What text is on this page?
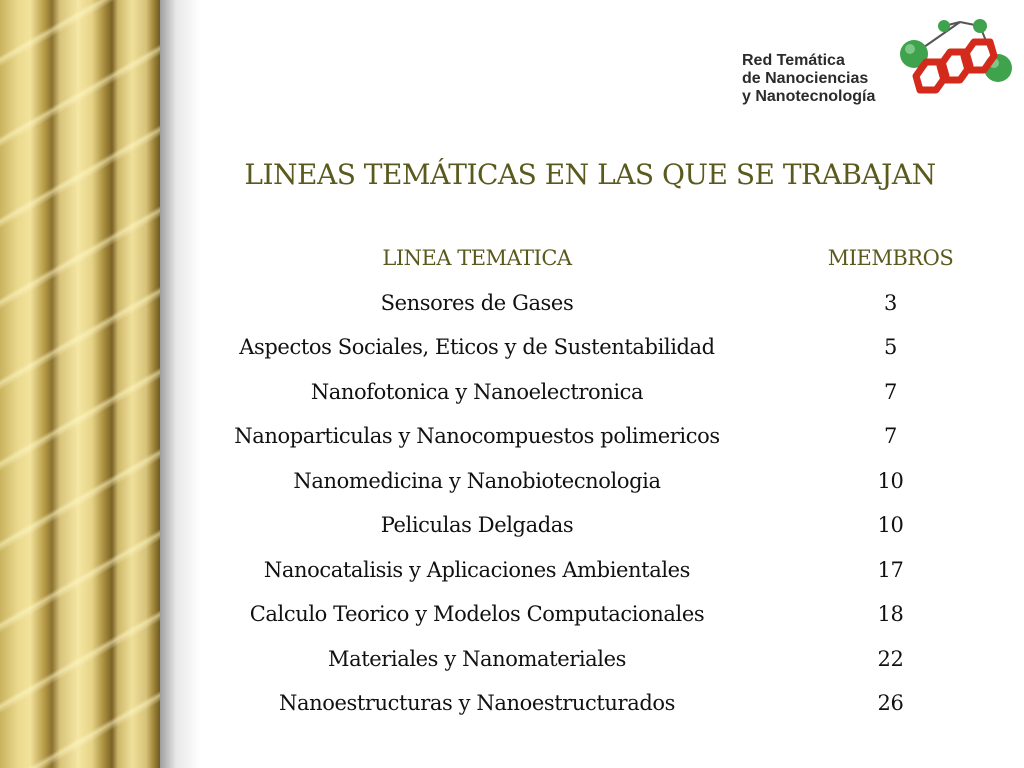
Red Temática
de Nanociencias
y Nanotecnología
LINEAS TEMÁTICAS EN LAS QUE SE TRABAJAN
LINEA TEMATICA	MIEMBROS
Sensores de Gases	3
Aspectos Sociales, Eticos y de Sustentabilidad	5
Nanofotonica y Nanoelectronica	7
Nanoparticulas y Nanocompuestos polimericos	7
Nanomedicina y Nanobiotecnologia	10
Peliculas Delgadas	10
Nanocatalisis y Aplicaciones Ambientales	17
Calculo Teorico y Modelos Computacionales	18
Materiales y Nanomateriales	22
Nanoestructuras y Nanoestructurados	26
